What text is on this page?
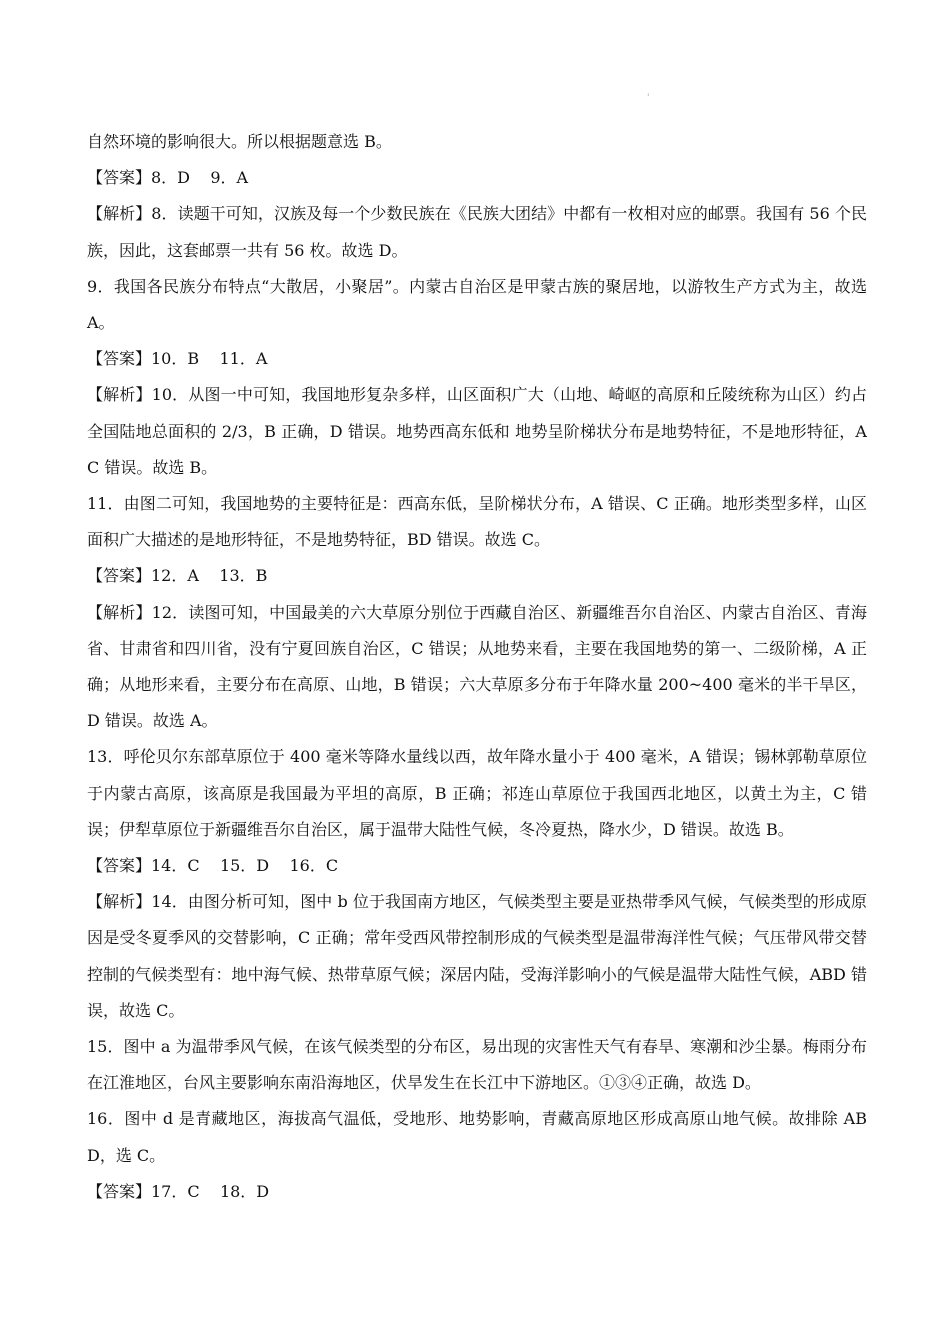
'

自然环境的影响很大。所以根据题意选 B。

【答案】8．D    9．A

【解析】8．读题干可知，汉族及每一个少数民族在《民族大团结》中都有一枚相对应的邮票。我国有 56 个民族，因此，这套邮票一共有 56 枚。故选 D。

9．我国各民族分布特点“大散居，小聚居”。内蒙古自治区是甲蒙古族的聚居地，以游牧生产方式为主，故选 A。

【答案】10．B    11．A

【解析】10．从图一中可知，我国地形复杂多样，山区面积广大（山地、崎岖的高原和丘陵统称为山区）约占全国陆地总面积的 2/3，B 正确，D 错误。地势西高东低和 地势呈阶梯状分布是地势特征，不是地形特征，AC 错误。故选 B。

11．由图二可知，我国地势的主要特征是：西高东低，呈阶梯状分布，A 错误、C 正确。地形类型多样，山区面积广大描述的是地形特征，不是地势特征，BD 错误。故选 C。

【答案】12．A    13．B

【解析】12．读图可知，中国最美的六大草原分别位于西藏自治区、新疆维吾尔自治区、内蒙古自治区、青海省、甘肃省和四川省，没有宁夏回族自治区，C 错误；从地势来看，主要在我国地势的第一、二级阶梯，A 正确；从地形来看，主要分布在高原、山地，B 错误；六大草原多分布于年降水量 200~400 毫米的半干旱区，D 错误。故选 A。

13．呼伦贝尔东部草原位于 400 毫米等降水量线以西，故年降水量小于 400 毫米，A 错误；锡林郭勒草原位于内蒙古高原，该高原是我国最为平坦的高原，B 正确；祁连山草原位于我国西北地区，以黄土为主，C 错误；伊犁草原位于新疆维吾尔自治区，属于温带大陆性气候，冬冷夏热，降水少，D 错误。故选 B。

【答案】14．C    15．D    16．C

【解析】14．由图分析可知，图中 b 位于我国南方地区，气候类型主要是亚热带季风气候，气候类型的形成原因是受冬夏季风的交替影响，C 正确；常年受西风带控制形成的气候类型是温带海洋性气候；气压带风带交替控制的气候类型有：地中海气候、热带草原气候；深居内陆，受海洋影响小的气候是温带大陆性气候，ABD 错误，故选 C。

15．图中 a 为温带季风气候，在该气候类型的分布区，易出现的灾害性天气有春旱、寒潮和沙尘暴。梅雨分布在江淮地区，台风主要影响东南沿海地区，伏旱发生在长江中下游地区。①③④正确，故选 D。

16．图中 d 是青藏地区，海拔高气温低，受地形、地势影响，青藏高原地区形成高原山地气候。故排除 ABD，选 C。

【答案】17．C    18．D
